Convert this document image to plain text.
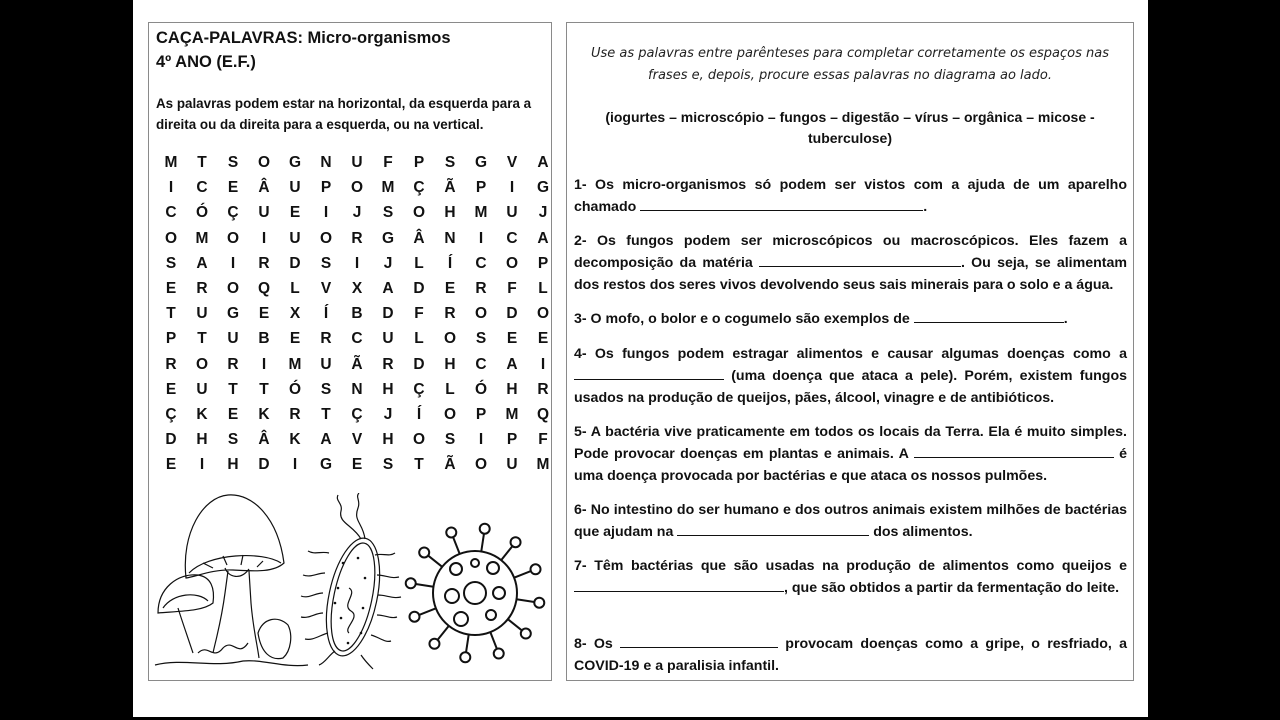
CAÇA-PALAVRAS: Micro-organismos
4º ANO (E.F.)
As palavras podem estar na horizontal, da esquerda para a direita ou da direita para a esquerda, ou na vertical.
M	T	S	O	G	N	U	F	P	S	G	V	A
I	C	E	Â	U	P	O	M	Ç	Ã	P	I	G
C	Ó	Ç	U	E	I	J	S	O	H	M	U	J
O	M	O	I	U	O	R	G	Â	N	I	C	A
S	A	I	R	D	S	I	J	L	Í	C	O	P
E	R	O	Q	L	V	X	A	D	E	R	F	L
T	U	G	E	X	Í	B	D	F	R	O	D	O
P	T	U	B	E	R	C	U	L	O	S	E	E
R	O	R	I	M	U	Ã	R	D	H	C	A	I
E	U	T	T	Ó	S	N	H	Ç	L	Ó	H	R
Ç	K	E	K	R	T	Ç	J	Í	O	P	M	Q
D	H	S	Â	K	A	V	H	O	S	I	P	F
E	I	H	D	I	G	E	S	T	Ã	O	U	M
Use as palavras entre parênteses para completar corretamente os espaços nas frases e, depois, procure essas palavras no diagrama ao lado.
(iogurtes – microscópio – fungos – digestão – vírus – orgânica – micose - tuberculose)
1- Os micro-organismos só podem ser vistos com a ajuda de um aparelho chamado	.
2- Os fungos podem ser microscópicos ou macroscópicos. Eles fazem a decomposição da matéria	. Ou seja, se alimentam dos restos dos seres vivos devolvendo seus sais minerais para o solo e a água.
3- O mofo, o bolor e o cogumelo são exemplos de	.
4- Os fungos podem estragar alimentos e causar algumas doenças como a  (uma doença que ataca a pele). Porém, existem fungos usados na produção de queijos, pães, álcool, vinagre e de antibióticos.
5- A bactéria vive praticamente em todos os locais da Terra. Ela é muito simples. Pode provocar doenças em plantas e animais. A	é uma doença provocada por bactérias e que ataca os nossos pulmões.
6- No intestino do ser humano e dos outros animais existem milhões de bactérias que ajudam na	dos alimentos.
7- Têm bactérias que são usadas na produção de alimentos como queijos e , que são obtidos a partir da fermentação do leite.
8- Os	provocam doenças como a gripe, o resfriado, a COVID-19 e a paralisia infantil.
